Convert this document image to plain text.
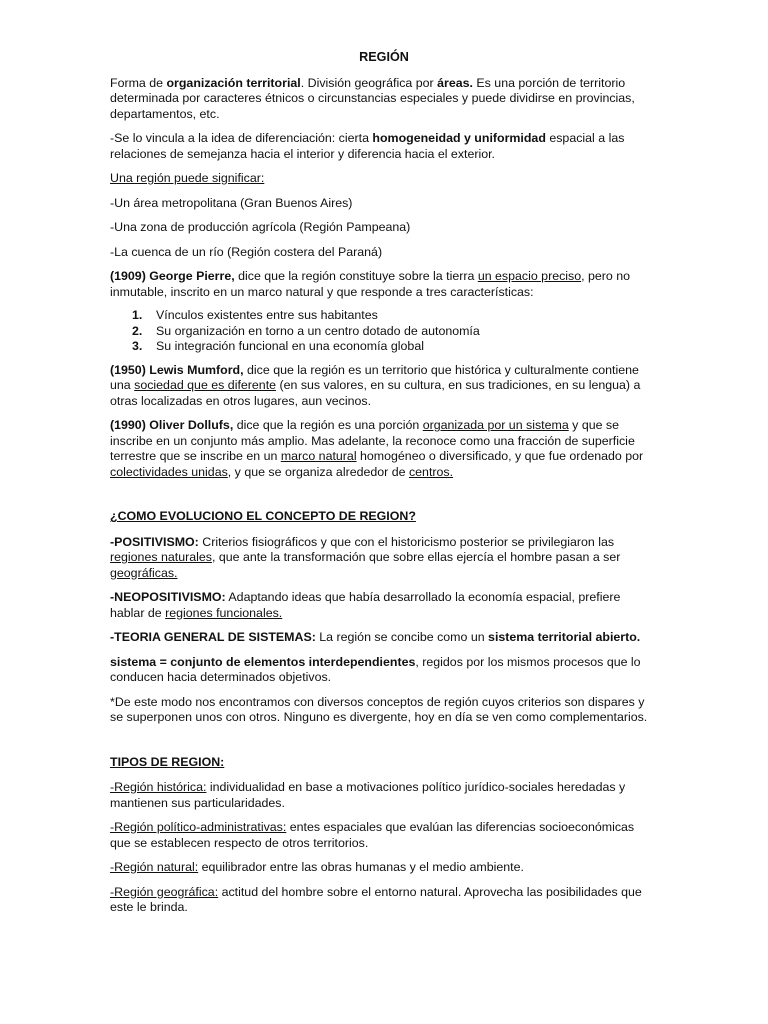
REGIÓN

Forma de organización territorial. División geográfica por áreas. Es una porción de territorio determinada por caracteres étnicos o circunstancias especiales y puede dividirse en provincias, departamentos, etc.

-Se lo vincula a la idea de diferenciación: cierta homogeneidad y uniformidad espacial a las relaciones de semejanza hacia el interior y diferencia hacia el exterior.

Una región puede significar:

-Un área metropolitana (Gran Buenos Aires)

-Una zona de producción agrícola (Región Pampeana)

-La cuenca de un río (Región costera del Paraná)

(1909) George Pierre, dice que la región constituye sobre la tierra un espacio preciso, pero no inmutable, inscrito en un marco natural y que responde a tres características:

1. Vínculos existentes entre sus habitantes
2. Su organización en torno a un centro dotado de autonomía
3. Su integración funcional en una economía global

(1950) Lewis Mumford, dice que la región es un territorio que histórica y culturalmente contiene una sociedad que es diferente (en sus valores, en su cultura, en sus tradiciones, en su lengua) a otras localizadas en otros lugares, aun vecinos.

(1990) Oliver Dollufs, dice que la región es una porción organizada por un sistema y que se inscribe en un conjunto más amplio. Mas adelante, la reconoce como una fracción de superficie terrestre que se inscribe en un marco natural homogéneo o diversificado, y que fue ordenado por colectividades unidas, y que se organiza alrededor de centros.

¿COMO EVOLUCIONO EL CONCEPTO DE REGION?

-POSITIVISMO: Criterios fisiográficos y que con el historicismo posterior se privilegiaron las regiones naturales, que ante la transformación que sobre ellas ejercía el hombre pasan a ser geográficas.

-NEOPOSITIVISMO: Adaptando ideas que había desarrollado la economía espacial, prefiere hablar de regiones funcionales.

-TEORIA GENERAL DE SISTEMAS: La región se concibe como un sistema territorial abierto.

sistema = conjunto de elementos interdependientes, regidos por los mismos procesos que lo conducen hacia determinados objetivos.

*De este modo nos encontramos con diversos conceptos de región cuyos criterios son dispares y se superponen unos con otros. Ninguno es divergente, hoy en día se ven como complementarios.

TIPOS DE REGION:

-Región histórica: individualidad en base a motivaciones político jurídico-sociales heredadas y mantienen sus particularidades.

-Región político-administrativas: entes espaciales que evalúan las diferencias socioeconómicas que se establecen respecto de otros territorios.

-Región natural: equilibrador entre las obras humanas y el medio ambiente.

-Región geográfica: actitud del hombre sobre el entorno natural. Aprovecha las posibilidades que este le brinda.
